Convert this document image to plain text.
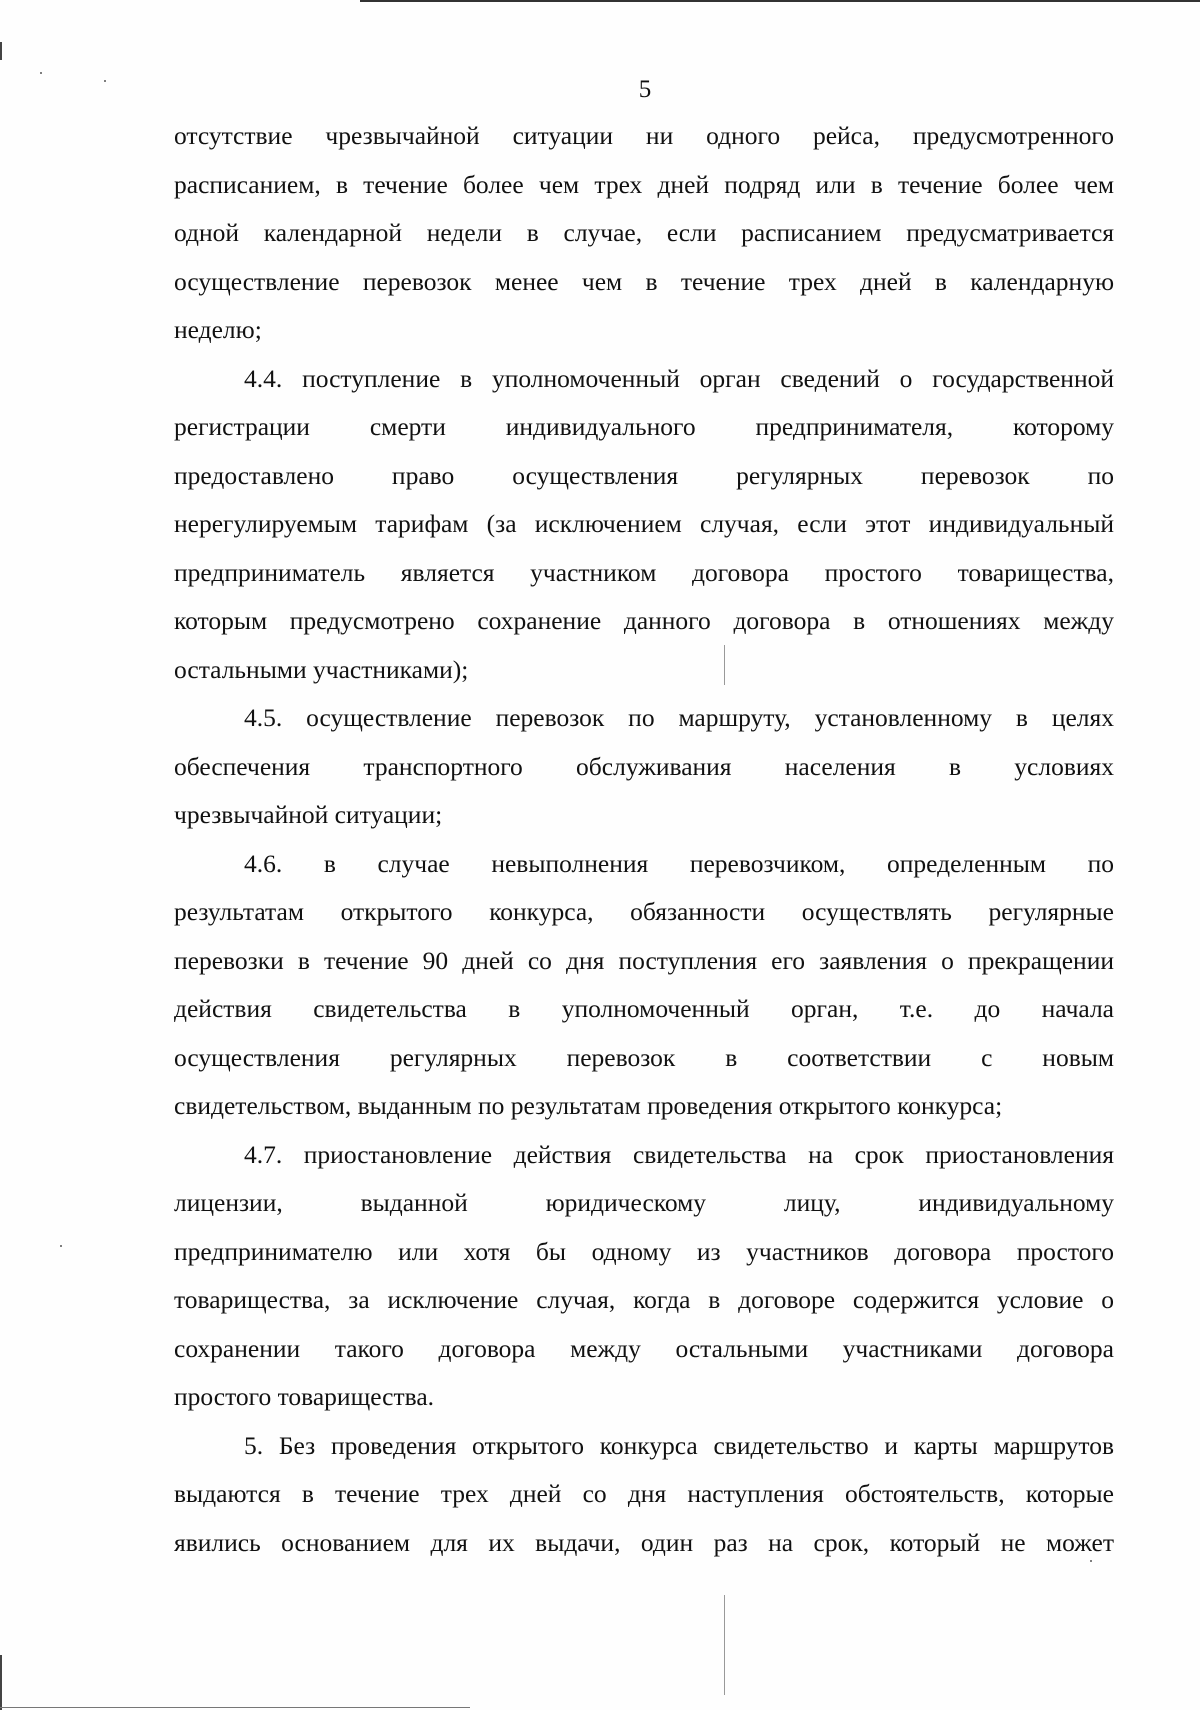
5

отсутствие чрезвычайной ситуации ни одного рейса, предусмотренного
расписанием, в течение более чем трех дней подряд или в течение более чем
одной календарной недели в случае, если расписанием предусматривается
осуществление перевозок менее чем в течение трех дней в календарную
неделю;
4.4. поступление в уполномоченный орган сведений о государственной
регистрации смерти индивидуального предпринимателя, которому
предоставлено право осуществления регулярных перевозок по
нерегулируемым тарифам (за исключением случая, если этот индивидуальный
предприниматель является участником договора простого товарищества,
которым предусмотрено сохранение данного договора в отношениях между
остальными участниками);
4.5. осуществление перевозок по маршруту, установленному в целях
обеспечения транспортного обслуживания населения в условиях
чрезвычайной ситуации;
4.6. в случае невыполнения перевозчиком, определенным по
результатам открытого конкурса, обязанности осуществлять регулярные
перевозки в течение 90 дней со дня поступления его заявления о прекращении
действия свидетельства в уполномоченный орган, т.е. до начала
осуществления регулярных перевозок в соответствии с новым
свидетельством, выданным по результатам проведения открытого конкурса;
4.7. приостановление действия свидетельства на срок приостановления
лицензии, выданной юридическому лицу, индивидуальному
предпринимателю или хотя бы одному из участников договора простого
товарищества, за исключение случая, когда в договоре содержится условие о
сохранении такого договора между остальными участниками договора
простого товарищества.
5. Без проведения открытого конкурса свидетельство и карты маршрутов
выдаются в течение трех дней со дня наступления обстоятельств, которые
явились основанием для их выдачи, один раз на срок, который не может
